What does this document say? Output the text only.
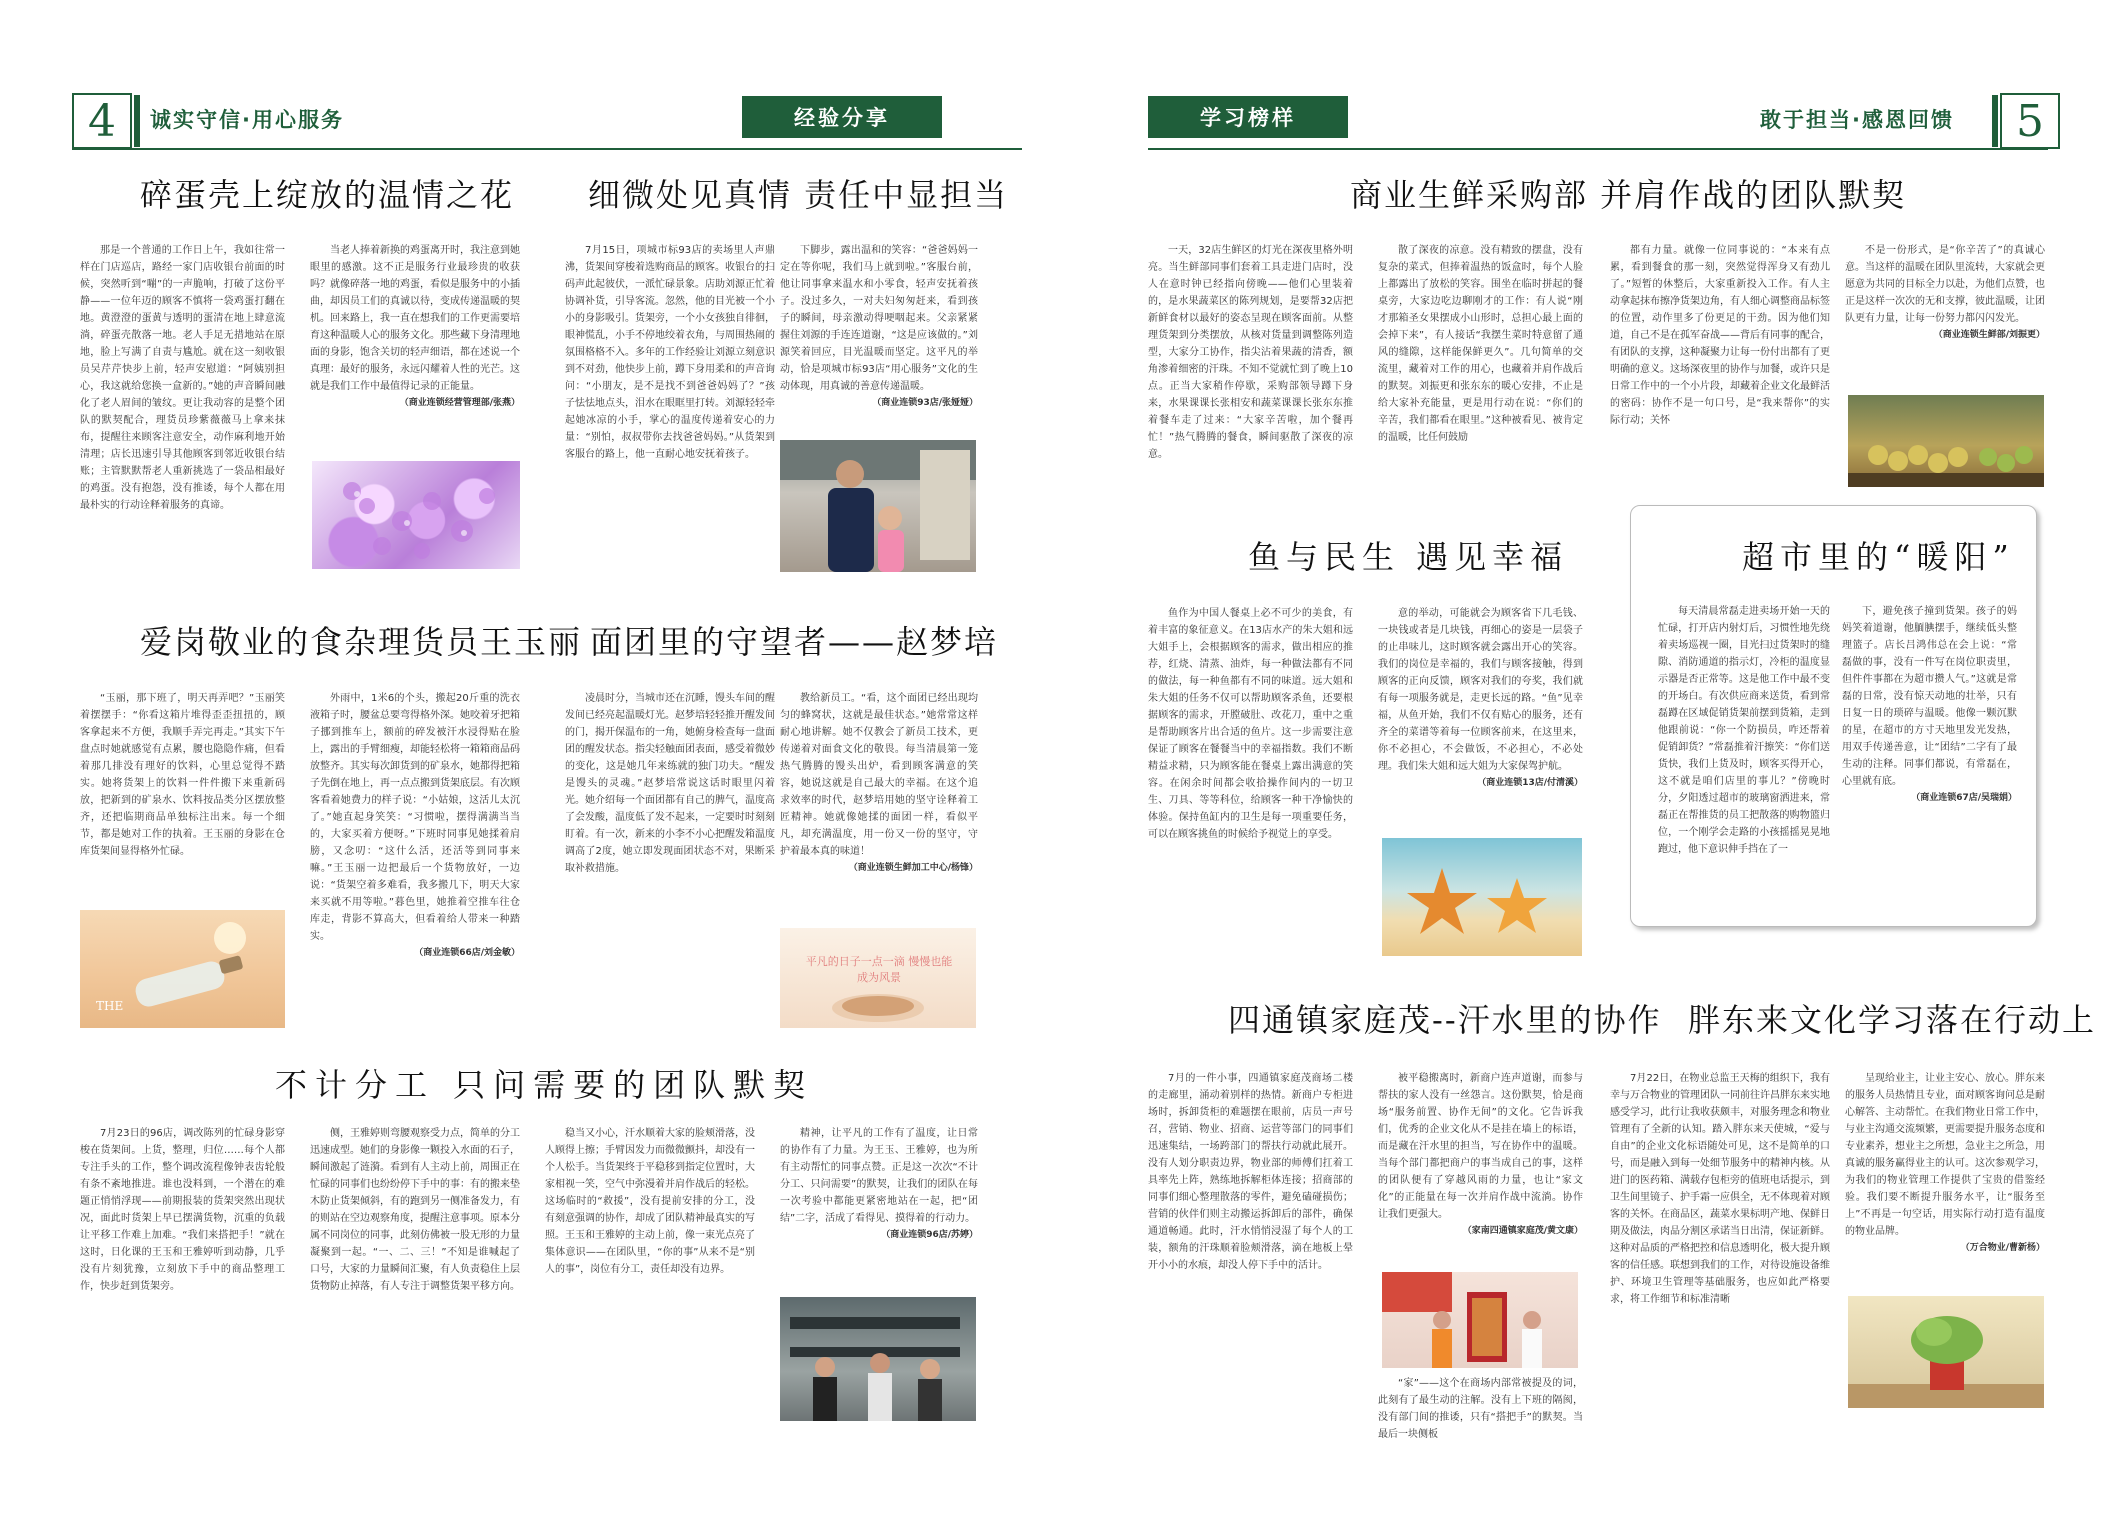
4 诚实守信·用心服务	经验分享	学习榜样	敢于担当·感恩回馈 5
碎蛋壳上绽放的温情之花
那是一个普通的工作日上午，我如往常一样在门店巡店，路经一家门店收银台前面的时候，突然听到“嘣”的一声脆响，打破了这份平静——一位年迈的顾客不慎将一袋鸡蛋打翻在地。黄澄澄的蛋黄与透明的蛋清在地上肆意流淌，碎蛋壳散落一地。老人手足无措地站在原地，脸上写满了自责与尴尬。就在这一刻收银员吴芹芹快步上前，轻声安慰道：“阿姨别担心，我这就给您换一盒新的。”她的声音瞬间融化了老人眉间的皱纹。更让我动容的是整个团队的默契配合，理货员珍紫薇薇马上拿来抹布，提醒往来顾客注意安全，动作麻利地开始清理；店长迅速引导其他顾客到邻近收银台结账；主管默默帮老人重新挑选了一袋品相最好的鸡蛋。没有抱怨，没有推诿，每个人都在用最朴实的行动诠释着服务的真谛。
当老人捧着新换的鸡蛋离开时，我注意到她眼里的感激。这不正是服务行业最珍贵的收获吗？就像碎落一地的鸡蛋，看似是服务中的小插曲，却因员工们的真诚以待，变成传递温暖的契机。回来路上，我一直在想我们的工作更需要培育这种温暖人心的服务文化。那些藏下身清理地面的身影，饱含关切的轻声细语，都在述说一个真理：最好的服务，永远闪耀着人性的光芒。这就是我们工作中最值得记录的正能量。
（商业连锁经营管理部/张燕）
细微处见真情 责任中显担当
7月15日，项城市标93店的卖场里人声鼎沸，货架间穿梭着选购商品的顾客。收银台的扫码声此起彼伏，一派忙碌景象。店助刘源正忙着协调补货，引导客流。忽然，他的目光被一个小小的身影吸引。货架旁，一个小女孩独自徘徊，眼神慌乱，小手不停地绞着衣角，与周围热闹的氛围格格不入。多年的工作经验让刘源立刻意识到不对劲，他快步上前，蹲下身用柔和的声音询问：“小朋友，是不是找不到爸爸妈妈了？”孩子怯怯地点头，泪水在眼眶里打转。刘源轻轻牵起她冰凉的小手，掌心的温度传递着安心的力量：“别怕，叔叔带你去找爸爸妈妈。”从货架到客服台的路上，他一直耐心地安抚着孩子。
下脚步，露出温和的笑容：“爸爸妈妈一定在等你呢，我们马上就到啦。”客服台前，他让同事拿来温水和小零食，轻声安抚着孩子。没过多久，一对夫妇匆匆赶来，看到孩子的瞬间，母亲激动得哽咽起来。父亲紧紧握住刘源的手连连道谢，“这是应该做的。”刘源笑着回应，目光温暖而坚定。这平凡的举动，恰是项城市标93店“用心服务”文化的生动体现，用真诚的善意传递温暖。
（商业连锁93店/张娅娅）
爱岗敬业的食杂理货员王玉丽
“玉丽，那下班了，明天再弄吧？”玉丽笑着摆摆手：“你看这箱片堆得歪歪扭扭的，顾客拿起来不方便，我顺手弄完再走。”其实下午盘点时她就感觉有点累，腰也隐隐作痛，但看着那几排没有理好的饮料，心里总觉得不踏实。她将货架上的饮料一件件搬下来重新码放，把新到的矿泉水、饮料按品类分区摆放整齐，还把临期商品单独标注出来。每一个细节，都是她对工作的执着。王玉丽的身影在仓库货架间显得格外忙碌。
THE
外雨中，1米6的个头，搬起20斤重的洗衣液箱子时，腰盆总要弯得格外深。她咬着牙把箱子挪到推车上，额前的碎发被汗水浸得贴在脸上，露出的手臂细瘦，却能轻松将一箱箱商品码放整齐。其实每次卸货到的矿泉水，她都得把箱子先倒在地上，再一点点搬到货架底层。有次顾客看着她费力的样子说：“小姑娘，这活儿太沉了。”她直起身笑笑：“习惯啦，摆得满满当当的，大家买着方便呀。”下班时同事见她揉着肩膀，又念叨：“这什么活，还活等到同事来嘛。”王玉丽一边把最后一个货物放好，一边说：“货架空着多难看，我多搬几下，明天大家来买就不用等啦。”暮色里，她推着空推车往仓库走，背影不算高大，但看着给人带来一种踏实。
（商业连锁66店/刘金敏）
面团里的守望者——赵梦培
凌晨时分，当城市还在沉睡，馒头车间的醒发间已经亮起温暖灯光。赵梦培轻轻推开醒发间的门，揭开保温布的一角，她俯身检查每一盘面团的醒发状态。指尖轻触面团表面，感受着微妙的变化，这是她几年来练就的独门功夫。“醒发是馒头的灵魂。”赵梦培常说这话时眼里闪着光。她介绍每一个面团都有自己的脾气，温度高了会发酸，温度低了发不起来，一定要时时刻刻盯着。有一次，新来的小李不小心把醒发箱温度调高了2度，她立即发现面团状态不对，果断采取补救措施。
教给新员工。“看，这个面团已经出现均匀的蜂窝状，这就是最佳状态。”她常常这样耐心地讲解。她不仅教会了新员工技术，更传递着对面食文化的敬畏。每当清晨第一笼热气腾腾的馒头出炉，看到顾客满意的笑容，她说这就是自己最大的幸福。在这个追求效率的时代，赵梦培用她的坚守诠释着工匠精神。她就像她揉的面团一样，看似平凡，却充满温度，用一份又一份的坚守，守护着最本真的味道！
（商业连锁生鲜加工中心/杨锋）
平凡的日子一点一滴 慢慢也能成为风景
不计分工 只问需要的团队默契
7月23日的96店，调改陈列的忙碌身影穿梭在货架间。上货，整理，归位……每个人都专注手头的工作，整个调改流程像钟表齿轮般有条不紊地推进。谁也没料到，一个潜在的难题正悄悄浮现——前期报装的货架突然出现状况，面此时货架上早已摆满货物，沉重的负载让平移工作难上加难。“我们来搭把手！”就在这时，日化课的王玉和王雅婷听到动静，几乎没有片刻犹豫，立刻放下手中的商品整理工作，快步赶到货架旁。
侧，王雅婷则弯腰观察受力点，简单的分工迅速成型。她们的身影像一颗投入水面的石子，瞬间激起了涟漪。看到有人主动上前，周围正在忙碌的同事们也纷纷停下手中的事：有的搬来垫木防止货架倾斜，有的跑到另一侧准备发力，有的则站在空边观察角度，提醒注意事项。原本分属不同岗位的同事，此刻仿佛被一股无形的力量凝聚到一起。“一、二、三！”不知是谁喊起了口号，大家的力量瞬间汇聚，有人负责稳住上层货物防止掉落，有人专注于调整货架平移方向。
稳当又小心，汗水顺着大家的脸颊滑落，没人顾得上擦；手臂因发力而微微颤抖，却没有一个人松手。当货架终于平稳移到指定位置时，大家相视一笑，空气中弥漫着并肩作战后的轻松。这场临时的“救援”，没有提前安排的分工，没有刻意强调的协作，却成了团队精神最真实的写照。王玉和王雅婷的主动上前，像一束光点亮了集体意识——在团队里，“你的事”从来不是“别人的事”，岗位有分工，责任却没有边界。
精神，让平凡的工作有了温度，让日常的协作有了力量。为王玉、王雅婷，也为所有主动帮忙的同事点赞。正是这一次次“不计分工、只问需要”的默契，让我们的团队在每一次考验中都能更紧密地站在一起，把“团结”二字，活成了看得见、摸得着的行动力。
（商业连锁96店/苏婷）
商业生鲜采购部 并肩作战的团队默契
一天，32店生鲜区的灯光在深夜里格外明亮。当生鲜部同事们套着工具走进门店时，没人在意时钟已经指向傍晚——他们心里装着的，是水果蔬菜区的陈列规划，是要帮32店把新鲜食材以最好的姿态呈现在顾客面前。从整理货架到分类摆放，从核对货量到调整陈列造型，大家分工协作，指尖沾着果蔬的清香，额角渗着细密的汗珠。不知不觉就忙到了晚上10点。正当大家稍作停歇，采购部领导蹲下身来，水果课课长张相安和蔬菜课课长张东东推着餐车走了过来：“大家辛苦啦，加个餐再忙！”热气腾腾的餐食，瞬间驱散了深夜的凉意。
散了深夜的凉意。没有精致的摆盘，没有复杂的菜式，但捧着温热的饭盒时，每个人脸上都露出了放松的笑容。围坐在临时拼起的餐桌旁，大家边吃边聊刚才的工作：有人说“刚才那箱圣女果摆成小山形时，总担心最上面的会掉下来”，有人接话“我摆生菜时特意留了通风的缝隙，这样能保鲜更久”。几句简单的交流里，藏着对工作的用心，也藏着并肩作战后的默契。刘振更和张东东的暖心安排，不止是给大家补充能量，更是用行动在说：“你们的辛苦，我们都看在眼里。”这种被看见、被肯定的温暖，比任何鼓励
都有力量。就像一位同事说的：“本来有点累，看到餐食的那一刻，突然觉得浑身又有劲儿了。”短暂的休整后，大家重新投入工作。有人主动拿起抹布擦净货架边角，有人细心调整商品标签的位置，动作里多了份更足的干劲。因为他们知道，自己不是在孤军奋战——背后有同事的配合，有团队的支撑，这种凝聚力让每一份付出都有了更明确的意义。这场深夜里的协作与加餐，或许只是日常工作中的一个小片段，却藏着企业文化最鲜活的密码：协作不是一句口号，是“我来帮你”的实际行动；关怀
不是一份形式，是“你辛苦了”的真诚心意。当这样的温暖在团队里流转，大家就会更愿意为共同的目标全力以赴，为他们点赞，也正是这样一次次的无和支撑，彼此温暖，让团队更有力量，让每一份努力都闪闪发光。
（商业连锁生鲜部/刘振更）
鱼与民生 遇见幸福
鱼作为中国人餐桌上必不可少的美食，有着丰富的象征意义。在13店水产的朱大姐和远大姐手上，会根据顾客的需求，做出相应的推荐，红烧、清蒸、油炸，每一种做法都有不同的做法，每一种鱼都有不同的味道。远大姐和朱大姐的任务不仅可以帮助顾客杀鱼，还要根据顾客的需求，开膛破肚、改花刀，重中之重是帮助顾客片出合适的鱼片。这一步需要注意保证了顾客在餐餐当中的幸福指数。我们不断精益求精，只为顾客能在餐桌上露出满意的笑容。在闲余时间都会收拾操作间内的一切卫生、刀具、等等科位，给顾客一种干净愉快的体验。保持鱼缸内的卫生是每一项重要任务，可以在顾客挑鱼的时候给予视觉上的享受。
意的举动，可能就会为顾客省下几毛钱、一块钱或者是几块钱，再细心的姿是一层袋子的止串味儿，这时顾客就会露出开心的笑容。我们的岗位是幸福的，我们与顾客接触，得到顾客的正向反馈，顾客对我们的夸奖，我们就有每一项服务就是，走更长远的路。“鱼”见幸福，从鱼开始，我们不仅有贴心的服务，还有齐全的菜谱等着每一位顾客前来，在这里来，你不必担心，不会做饭，不必担心，不必处理。我们朱大姐和远大姐为大家保驾护航。
（商业连锁13店/付清溪）
超市里的“暖阳”
每天清晨常磊走进卖场开始一天的忙碌，打开店内射灯后，习惯性地先绕着卖场巡视一圈，目光扫过货架时的缝隙、消防通道的指示灯，冷柜的温度显示器是否正常等。这是他工作中最不变的开场白。有次供应商来送货，看到常磊蹲在区域促销货架前摆到货箱，走到他跟前说：“你一个防损员，咋还帮着促销卸货？”常磊推着汗擦笑：“你们送货快，我们上货及时，顾客买得开心，这不就是咱们店里的事儿？”傍晚时分，夕阳透过超市的玻璃窗洒进来，常磊正在帮推货的员工把散落的购物篮归位，一个刚学会走路的小孩摇摇晃晃地跑过，他下意识伸手挡在了一
下，避免孩子撞到货架。孩子的妈妈笑着道谢，他腼腆摆手，继续低头整理篮子。店长吕鸿伟总在会上说：“常磊做的事，没有一件写在岗位职责里，但件件事都在为超市攒人气。”这就是常磊的日常，没有惊天动地的壮举，只有日复一日的琐碎与温暖。他像一颗沉默的星，在超市的方寸天地里发光发热，用双手传递善意，让“团结”二字有了最生动的注释。同事们都说，有常磊在，心里就有底。
（商业连锁67店/吴瑞娟）
四通镇家庭茂--汗水里的协作
7月的一件小事，四通镇家庭茂商场二楼的走廊里，涌动着别样的热情。新商户专柜进场时，拆卸货柜的难题摆在眼前，店员一声号召，营销、物业、招商、运营等部门的同事们迅速集结，一场跨部门的帮扶行动就此展开。没有人划分职责边界，物业部的师傅们扛着工具率先上阵，熟练地拆解柜体连接；招商部的同事们细心整理散落的零件，避免磕碰损伤；营销的伙伴们则主动搬运拆卸后的部件，确保通道畅通。此时，汗水悄悄浸湿了每个人的工装，额角的汗珠顺着脸颊滑落，滴在地板上晕开小小的水痕，却没人停下手中的活计。
被平稳搬离时，新商户连声道谢，而参与帮扶的家人没有一丝怨言。这份默契，恰是商场“服务前置、协作无间”的文化。它告诉我们，优秀的企业文化从不是挂在墙上的标语，而是藏在汗水里的担当，写在协作中的温暖。当每个部门都把商户的事当成自己的事，这样的团队便有了穿越风雨的力量，也让“家文化”的正能量在每一次并肩作战中流淌。协作让我们更强大。
（家南四通镇家庭茂/黄文康）
“家”——这个在商场内部常被提及的词，此刻有了最生动的注解。没有上下班的隔阂，没有部门间的推诿，只有“搭把手”的默契。当最后一块侧板
胖东来文化学习落在行动上
7月22日，在物业总监王天梅的组织下，我有幸与万合物业的管理团队一同前往许昌胖东来实地感受学习，此行让我收获颇丰，对服务理念和物业管理有了全新的认知。踏入胖东来天使城，“爱与自由”的企业文化标语随处可见，这不是简单的口号，而是融入到每一处细节服务中的精神内核。从进门的医药箱、满载存包柜旁的值班电话提示，到卫生间里镜子、护手霜一应俱全，无不体现着对顾客的关怀。在商品区，蔬菜水果标明产地、保鲜日期及做法，肉品分割区承诺当日出清，保证新鲜。这种对品质的严格把控和信息透明化，极大提升顾客的信任感。联想到我们的工作，对待设施设备维护、环境卫生管理等基础服务，也应如此严格要求，将工作细节和标准清晰
呈现给业主，让业主安心、放心。胖东来的服务人员热情且专业，面对顾客询问总是耐心解答、主动帮忙。在我们物业日常工作中，与业主沟通交流频繁，更需要提升服务态度和专业素养，想业主之所想，急业主之所急，用真诚的服务赢得业主的认可。这次参观学习，为我们的物业管理工作提供了宝贵的借鉴经验。我们要不断提升服务水平，让“服务至上”不再是一句空话，用实际行动打造有温度的物业品牌。
（万合物业/曹新杨）
